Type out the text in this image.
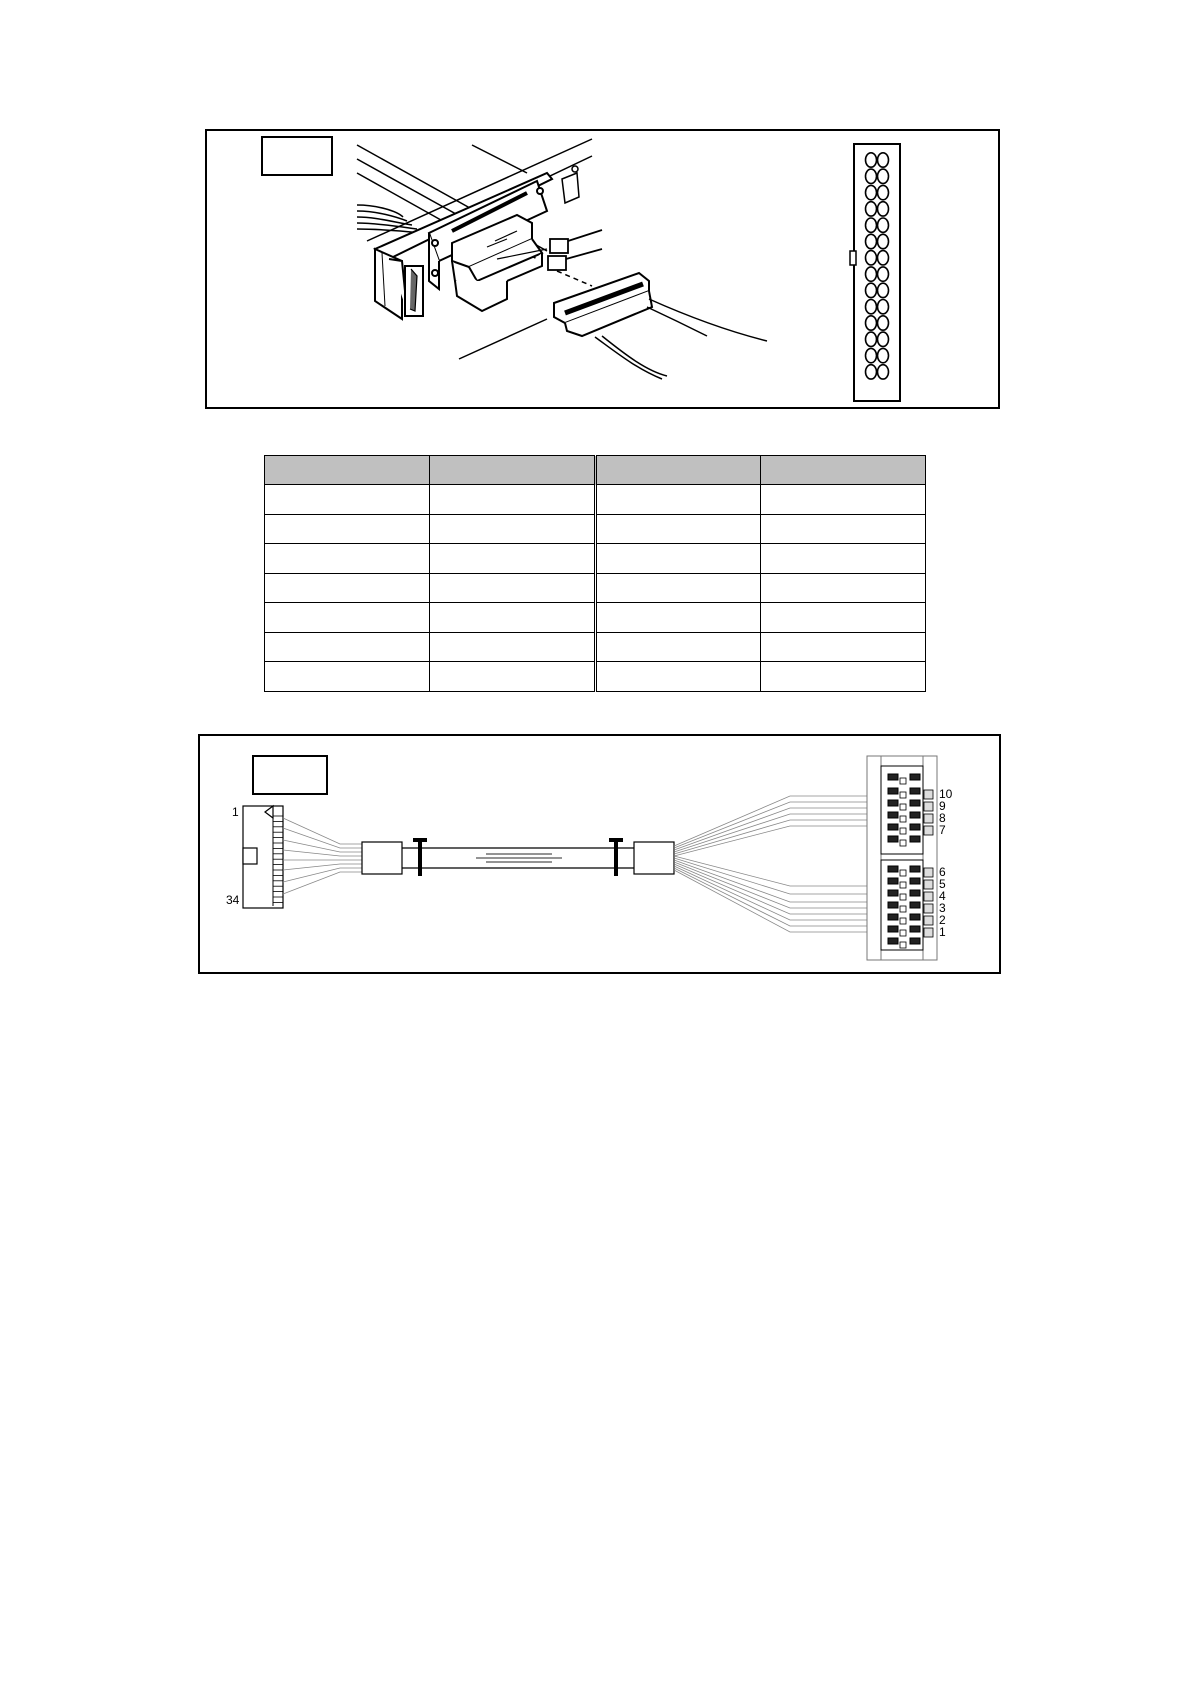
1
34
10
9
8
7
6
5
4
3
2
1
